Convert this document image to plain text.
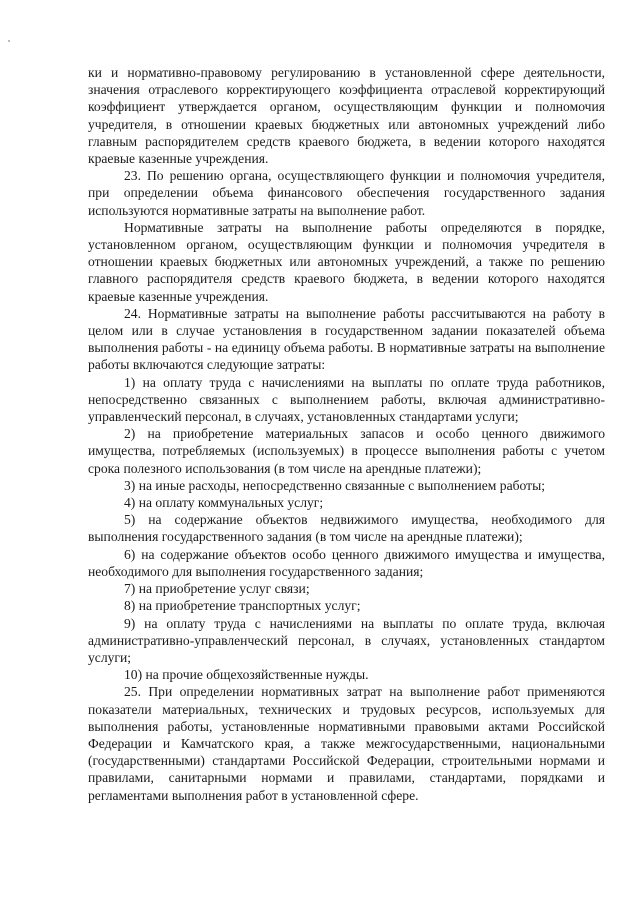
ки и нормативно-правовому регулированию в установленной сфере деятельности, значения отраслевого корректирующего коэффициента отраслевой корректирующий коэффициент утверждается органом, осуществляющим функции и полномочия учредителя, в отношении краевых бюджетных или автономных учреждений либо главным распорядителем средств краевого бюджета, в ведении которого находятся краевые казенные учреждения.

23. По решению органа, осуществляющего функции и полномочия учредителя, при определении объема финансового обеспечения государственного задания используются нормативные затраты на выполнение работ.

Нормативные затраты на выполнение работы определяются в порядке, установленном органом, осуществляющим функции и полномочия учредителя в отношении краевых бюджетных или автономных учреждений, а также по решению главного распорядителя средств краевого бюджета, в ведении которого находятся краевые казенные учреждения.

24. Нормативные затраты на выполнение работы рассчитываются на работу в целом или в случае установления в государственном задании показателей объема выполнения работы - на единицу объема работы. В нормативные затраты на выполнение работы включаются следующие затраты:

1) на оплату труда с начислениями на выплаты по оплате труда работников, непосредственно связанных с выполнением работы, включая административно-управленческий персонал, в случаях, установленных стандартами услуги;

2) на приобретение материальных запасов и особо ценного движимого имущества, потребляемых (используемых) в процессе выполнения работы с учетом срока полезного использования (в том числе на арендные платежи);

3) на иные расходы, непосредственно связанные с выполнением работы;

4) на оплату коммунальных услуг;

5) на содержание объектов недвижимого имущества, необходимого для выполнения государственного задания (в том числе на арендные платежи);

6) на содержание объектов особо ценного движимого имущества и имущества, необходимого для выполнения государственного задания;

7) на приобретение услуг связи;

8) на приобретение транспортных услуг;

9) на оплату труда с начислениями на выплаты по оплате труда, включая административно-управленческий персонал, в случаях, установленных стандартом услуги;

10) на прочие общехозяйственные нужды.

25. При определении нормативных затрат на выполнение работ применяются показатели материальных, технических и трудовых ресурсов, используемых для выполнения работы, установленные нормативными правовыми актами Российской Федерации и Камчатского края, а также межгосударственными, национальными (государственными) стандартами Российской Федерации, строительными нормами и правилами, санитарными нормами и правилами, стандартами, порядками и регламентами выполнения работ в установленной сфере.
